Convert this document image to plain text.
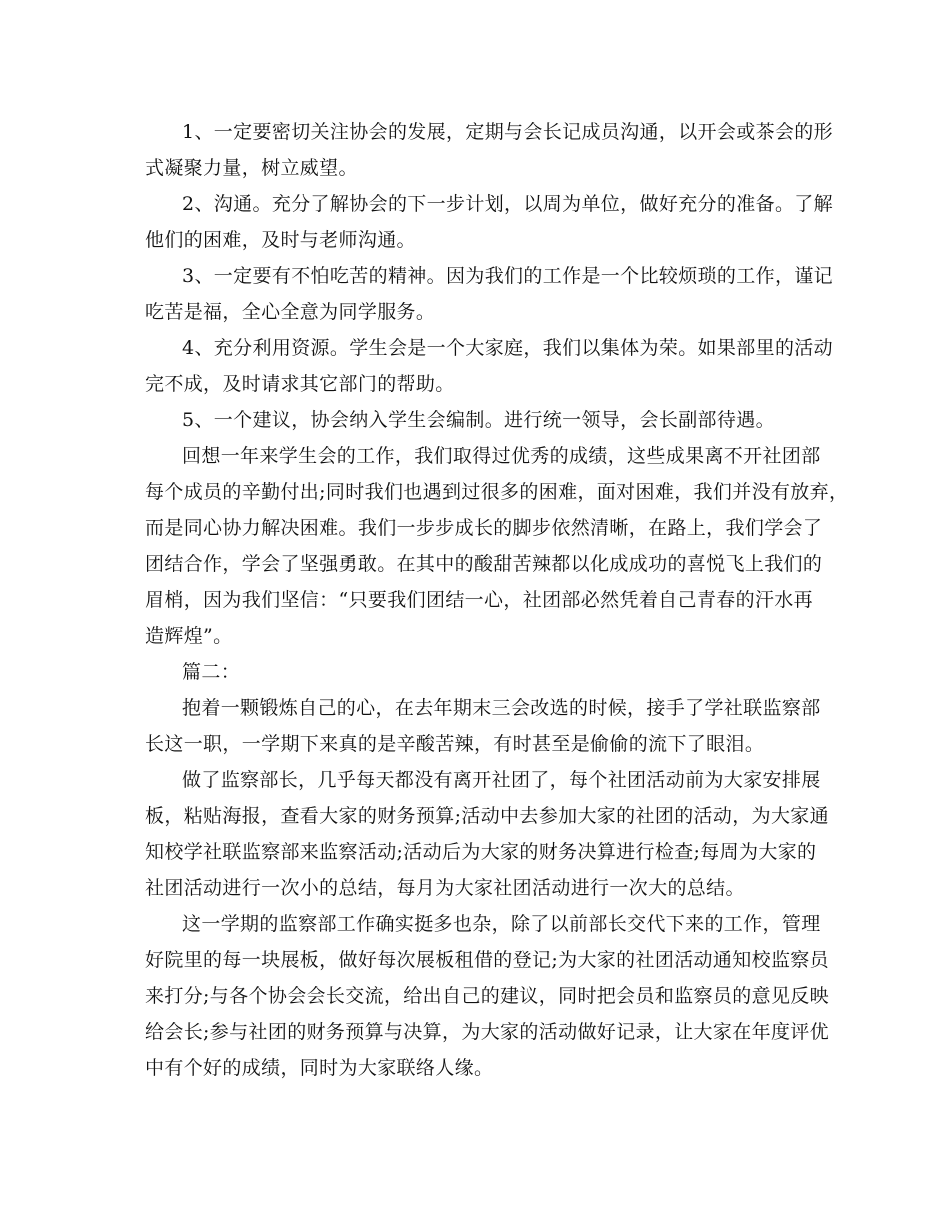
1、一定要密切关注协会的发展，定期与会长记成员沟通，以开会或茶会的形
式凝聚力量，树立威望。
2、沟通。充分了解协会的下一步计划，以周为单位，做好充分的准备。了解
他们的困难，及时与老师沟通。
3、一定要有不怕吃苦的精神。因为我们的工作是一个比较烦琐的工作，谨记
吃苦是福，全心全意为同学服务。
4、充分利用资源。学生会是一个大家庭，我们以集体为荣。如果部里的活动
完不成，及时请求其它部门的帮助。
5、一个建议，协会纳入学生会编制。进行统一领导，会长副部待遇。
回想一年来学生会的工作，我们取得过优秀的成绩，这些成果离不开社团部
每个成员的辛勤付出;同时我们也遇到过很多的困难，面对困难，我们并没有放弃，
而是同心协力解决困难。我们一步步成长的脚步依然清晰，在路上，我们学会了
团结合作，学会了坚强勇敢。在其中的酸甜苦辣都以化成成功的喜悦飞上我们的
眉梢，因为我们坚信：“只要我们团结一心，社团部必然凭着自己青春的汗水再
造辉煌”。
篇二：
抱着一颗锻炼自己的心，在去年期末三会改选的时候，接手了学社联监察部
长这一职，一学期下来真的是辛酸苦辣，有时甚至是偷偷的流下了眼泪。
做了监察部长，几乎每天都没有离开社团了，每个社团活动前为大家安排展
板，粘贴海报，查看大家的财务预算;活动中去参加大家的社团的活动，为大家通
知校学社联监察部来监察活动;活动后为大家的财务决算进行检查;每周为大家的
社团活动进行一次小的总结，每月为大家社团活动进行一次大的总结。
这一学期的监察部工作确实挺多也杂，除了以前部长交代下来的工作，管理
好院里的每一块展板，做好每次展板租借的登记;为大家的社团活动通知校监察员
来打分;与各个协会会长交流，给出自己的建议，同时把会员和监察员的意见反映
给会长;参与社团的财务预算与决算，为大家的活动做好记录，让大家在年度评优
中有个好的成绩，同时为大家联络人缘。
